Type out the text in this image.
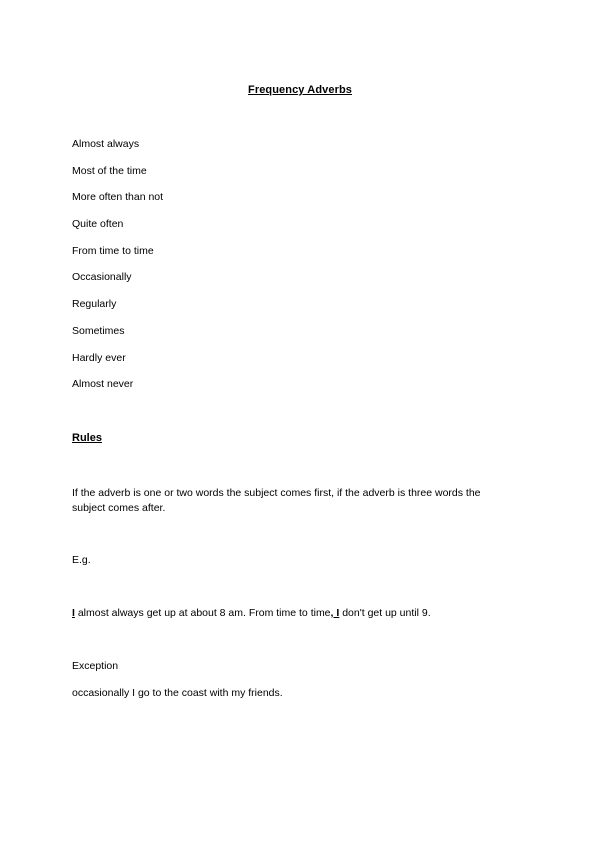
Frequency Adverbs
Almost always
Most of the time
More often than not
Quite often
From time to time
Occasionally
Regularly
Sometimes
Hardly ever
Almost never
Rules
If the adverb is one or two words the subject comes first, if the adverb is three words the subject comes after.
E.g.
I almost always get up at about 8 am. From time to time, I don't get up until 9.
Exception
occasionally I go to the coast with my friends.
